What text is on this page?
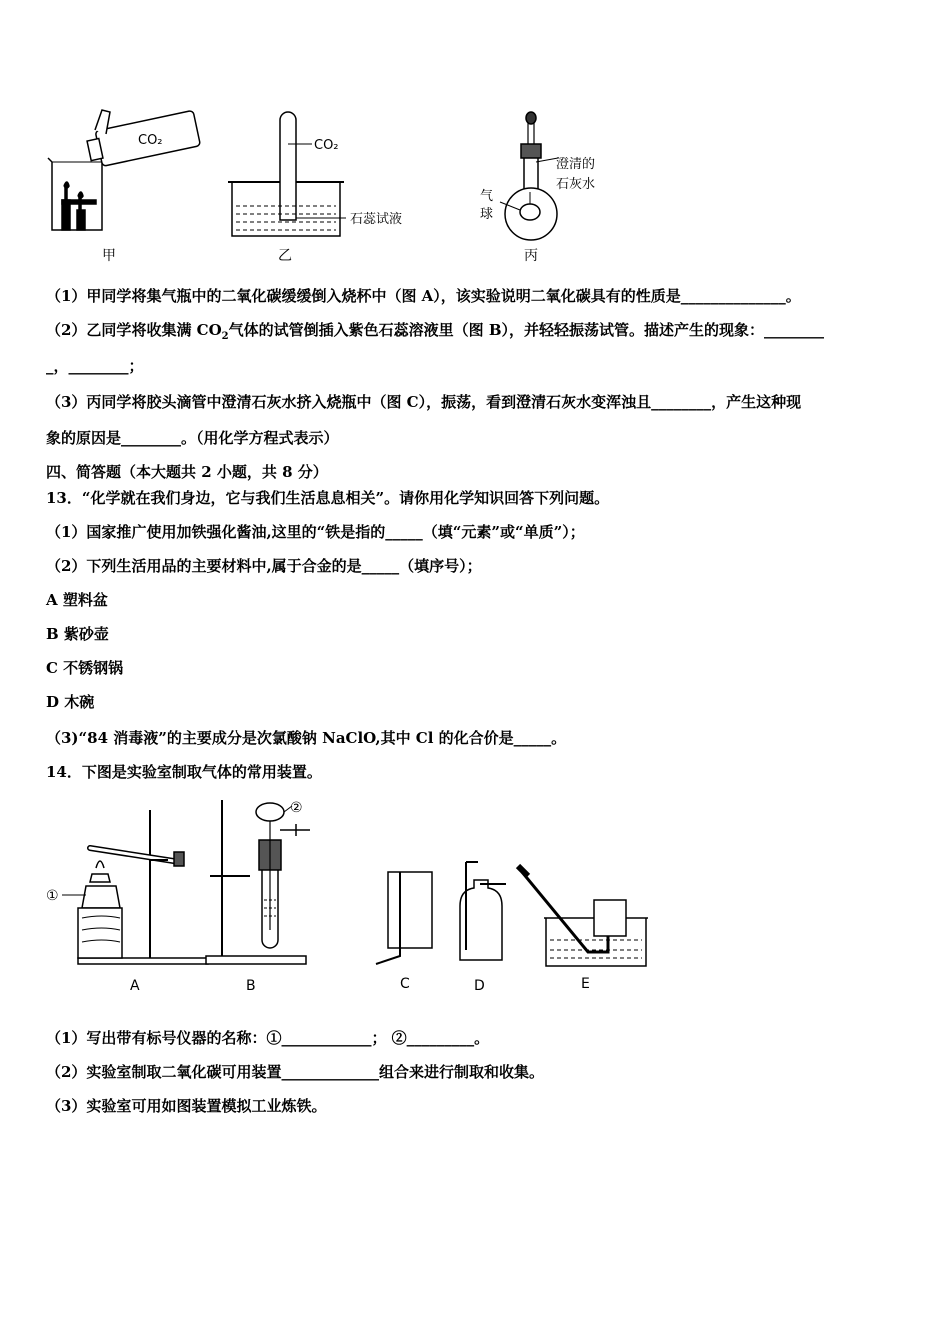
CO₂
甲
CO₂
石蕊试液
乙
澄清的
石灰水
气
球
丙
（1）甲同学将集气瓶中的二氧化碳缓缓倒入烧杯中（图 A），该实验说明二氧化碳具有的性质是______________。
（2）乙同学将收集满 $CO_2$气体的试管倒插入紫色石蕊溶液里（图 B），并轻轻振荡试管。描述产生的现象：________
_，________；
（3）丙同学将胶头滴管中澄清石灰水挤入烧瓶中（图 C），振荡，看到澄清石灰水变浑浊且________，产生这种现
象的原因是________。（用化学方程式表示）
四、简答题（本大题共 2 小题，共 8 分）
13．“化学就在我们身边，它与我们生活息息相关”。请你用化学知识回答下列问题。
（1）国家推广使用加铁强化酱油,这里的“铁是指的_____（填“元素”或“单质”）；
（2）下列生活用品的主要材料中,属于合金的是_____（填序号）；
A 塑料盆
B 紫砂壶
C 不锈钢锅
D 木碗
（3)“84 消毒液”的主要成分是次氯酸钠 NaClO,其中 Cl 的化合价是_____。
14．下图是实验室制取气体的常用装置。
①
A
②
B	C	D	E
（1）写出带有标号仪器的名称：①____________； ②_________。
（2）实验室制取二氧化碳可用装置_____________组合来进行制取和收集。
（3）实验室可用如图装置模拟工业炼铁。
